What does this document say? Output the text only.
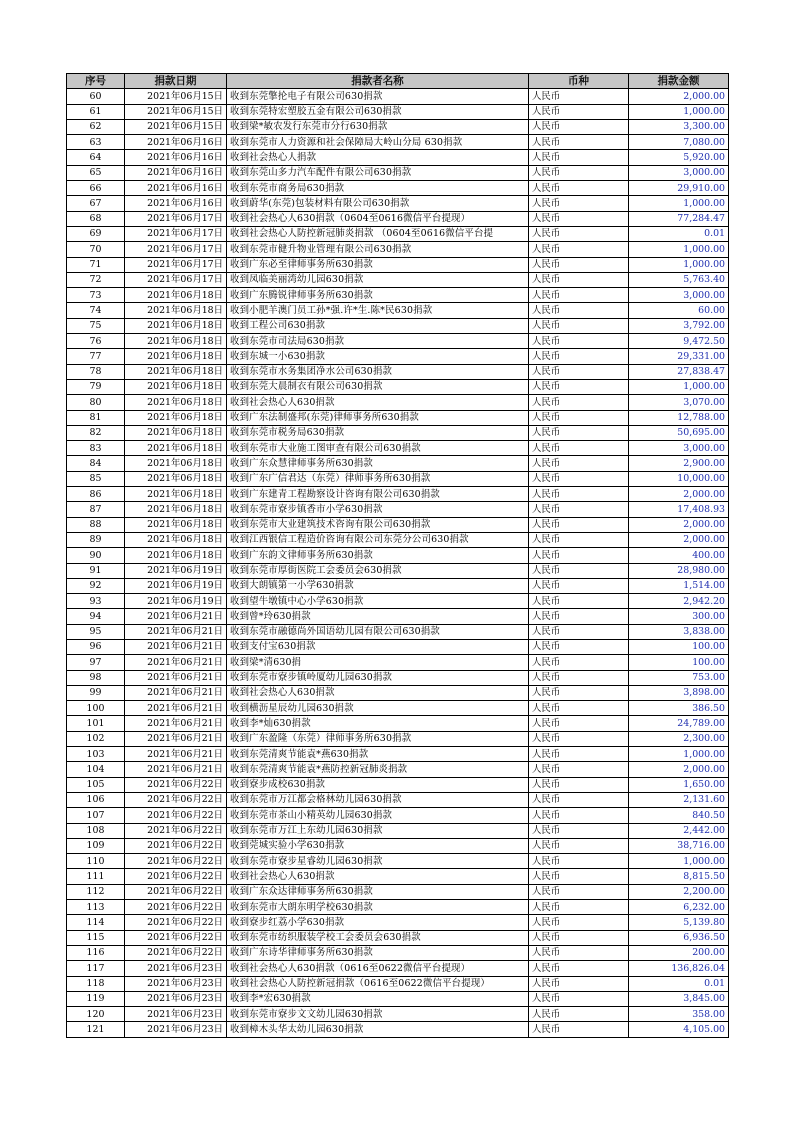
序号	捐款日期	捐款者名称	币种	捐款金额
60	2021年06月15日	收到东莞擎抡电子有限公司630捐款	人民币	2,000.00
61	2021年06月15日	收到东莞特宏塑胶五金有限公司630捐款	人民币	1,000.00
62	2021年06月15日	收到梁*敏农发行东莞市分行630捐款	人民币	3,300.00
63	2021年06月16日	收到东莞市人力资源和社会保障局大岭山分局 630捐款	人民币	7,080.00
64	2021年06月16日	收到社会热心人捐款	人民币	5,920.00
65	2021年06月16日	收到东莞山多力汽车配件有限公司630捐款	人民币	3,000.00
66	2021年06月16日	收到东莞市商务局630捐款	人民币	29,910.00
67	2021年06月16日	收到蔚华(东莞)包装材料有限公司630捐款	人民币	1,000.00
68	2021年06月17日	收到社会热心人630捐款（0604至0616微信平台提现）	人民币	77,284.47
69	2021年06月17日	收到社会热心人防控新冠肺炎捐款 （0604至0616微信平台提	人民币	0.01
70	2021年06月17日	收到东莞市健升物业管理有限公司630捐款	人民币	1,000.00
71	2021年06月17日	收到广东必至律师事务所630捐款	人民币	1,000.00
72	2021年06月17日	收到凤临美丽湾幼儿园630捐款	人民币	5,763.40
73	2021年06月18日	收到广东腾锐律师事务所630捐款	人民币	3,000.00
74	2021年06月18日	收到小肥羊澳门员工孙*强.许*生.陈*民630捐款	人民币	60.00
75	2021年06月18日	收到工程公司630捐款	人民币	3,792.00
76	2021年06月18日	收到东莞市司法局630捐款	人民币	9,472.50
77	2021年06月18日	收到东城一小630捐款	人民币	29,331.00
78	2021年06月18日	收到东莞市水务集团净水公司630捐款	人民币	27,838.47
79	2021年06月18日	收到东莞大晨制衣有限公司630捐款	人民币	1,000.00
80	2021年06月18日	收到社会热心人630捐款	人民币	3,070.00
81	2021年06月18日	收到广东法制盛邦(东莞)律师事务所630捐款	人民币	12,788.00
82	2021年06月18日	收到东莞市税务局630捐款	人民币	50,695.00
83	2021年06月18日	收到东莞市大业施工图审查有限公司630捐款	人民币	3,000.00
84	2021年06月18日	收到广东众慧律师事务所630捐款	人民币	2,900.00
85	2021年06月18日	收到广东广信君达（东莞）律师事务所630捐款	人民币	10,000.00
86	2021年06月18日	收到广东建青工程勘察设计咨询有限公司630捐款	人民币	2,000.00
87	2021年06月18日	收到东莞市寮步镇香市小学630捐款	人民币	17,408.93
88	2021年06月18日	收到东莞市大业建筑技术咨询有限公司630捐款	人民币	2,000.00
89	2021年06月18日	收到江西银信工程造价咨询有限公司东莞分公司630捐款	人民币	2,000.00
90	2021年06月18日	收到广东韵文律师事务所630捐款	人民币	400.00
91	2021年06月19日	收到东莞市厚街医院工会委员会630捐款	人民币	28,980.00
92	2021年06月19日	收到大朗镇第一小学630捐款	人民币	1,514.00
93	2021年06月19日	收到望牛墩镇中心小学630捐款	人民币	2,942.20
94	2021年06月21日	收到曾*玲630捐款	人民币	300.00
95	2021年06月21日	收到东莞市融德尚外国语幼儿园有限公司630捐款	人民币	3,838.00
96	2021年06月21日	收到支付宝630捐款	人民币	100.00
97	2021年06月21日	收到梁*清630捐	人民币	100.00
98	2021年06月21日	收到东莞市寮步镇岭厦幼儿园630捐款	人民币	753.00
99	2021年06月21日	收到社会热心人630捐款	人民币	3,898.00
100	2021年06月21日	收到横沥星辰幼儿园630捐款	人民币	386.50
101	2021年06月21日	收到李*灿630捐款	人民币	24,789.00
102	2021年06月21日	收到广东盈隆（东莞）律师事务所630捐款	人民币	2,300.00
103	2021年06月21日	收到东莞清爽节能袁*燕630捐款	人民币	1,000.00
104	2021年06月21日	收到东莞清爽节能袁*燕防控新冠肺炎捐款	人民币	2,000.00
105	2021年06月22日	收到寮步成校630捐款	人民币	1,650.00
106	2021年06月22日	收到东莞市万江都会格林幼儿园630捐款	人民币	2,131.60
107	2021年06月22日	收到东莞市茶山小精英幼儿园630捐款	人民币	840.50
108	2021年06月22日	收到东莞市万江上东幼儿园630捐款	人民币	2,442.00
109	2021年06月22日	收到莞城实验小学630捐款	人民币	38,716.00
110	2021年06月22日	收到东莞市寮步星睿幼儿园630捐款	人民币	1,000.00
111	2021年06月22日	收到社会热心人630捐款	人民币	8,815.50
112	2021年06月22日	收到广东众达律师事务所630捐款	人民币	2,200.00
113	2021年06月22日	收到东莞市大朗东明学校630捐款	人民币	6,232.00
114	2021年06月22日	收到寮步红荔小学630捐款	人民币	5,139.80
115	2021年06月22日	收到东莞市纺织服装学校工会委员会630捐款	人民币	6,936.50
116	2021年06月22日	收到广东诗华律师事务所630捐款	人民币	200.00
117	2021年06月23日	收到社会热心人630捐款（0616至0622微信平台提现）	人民币	136,826.04
118	2021年06月23日	收到社会热心人防控新冠捐款（0616至0622微信平台提现）	人民币	0.01
119	2021年06月23日	收到李*宏630捐款	人民币	3,845.00
120	2021年06月23日	收到东莞市寮步文文幼儿园630捐款	人民币	358.00
121	2021年06月23日	收到樟木头华太幼儿园630捐款	人民币	4,105.00
